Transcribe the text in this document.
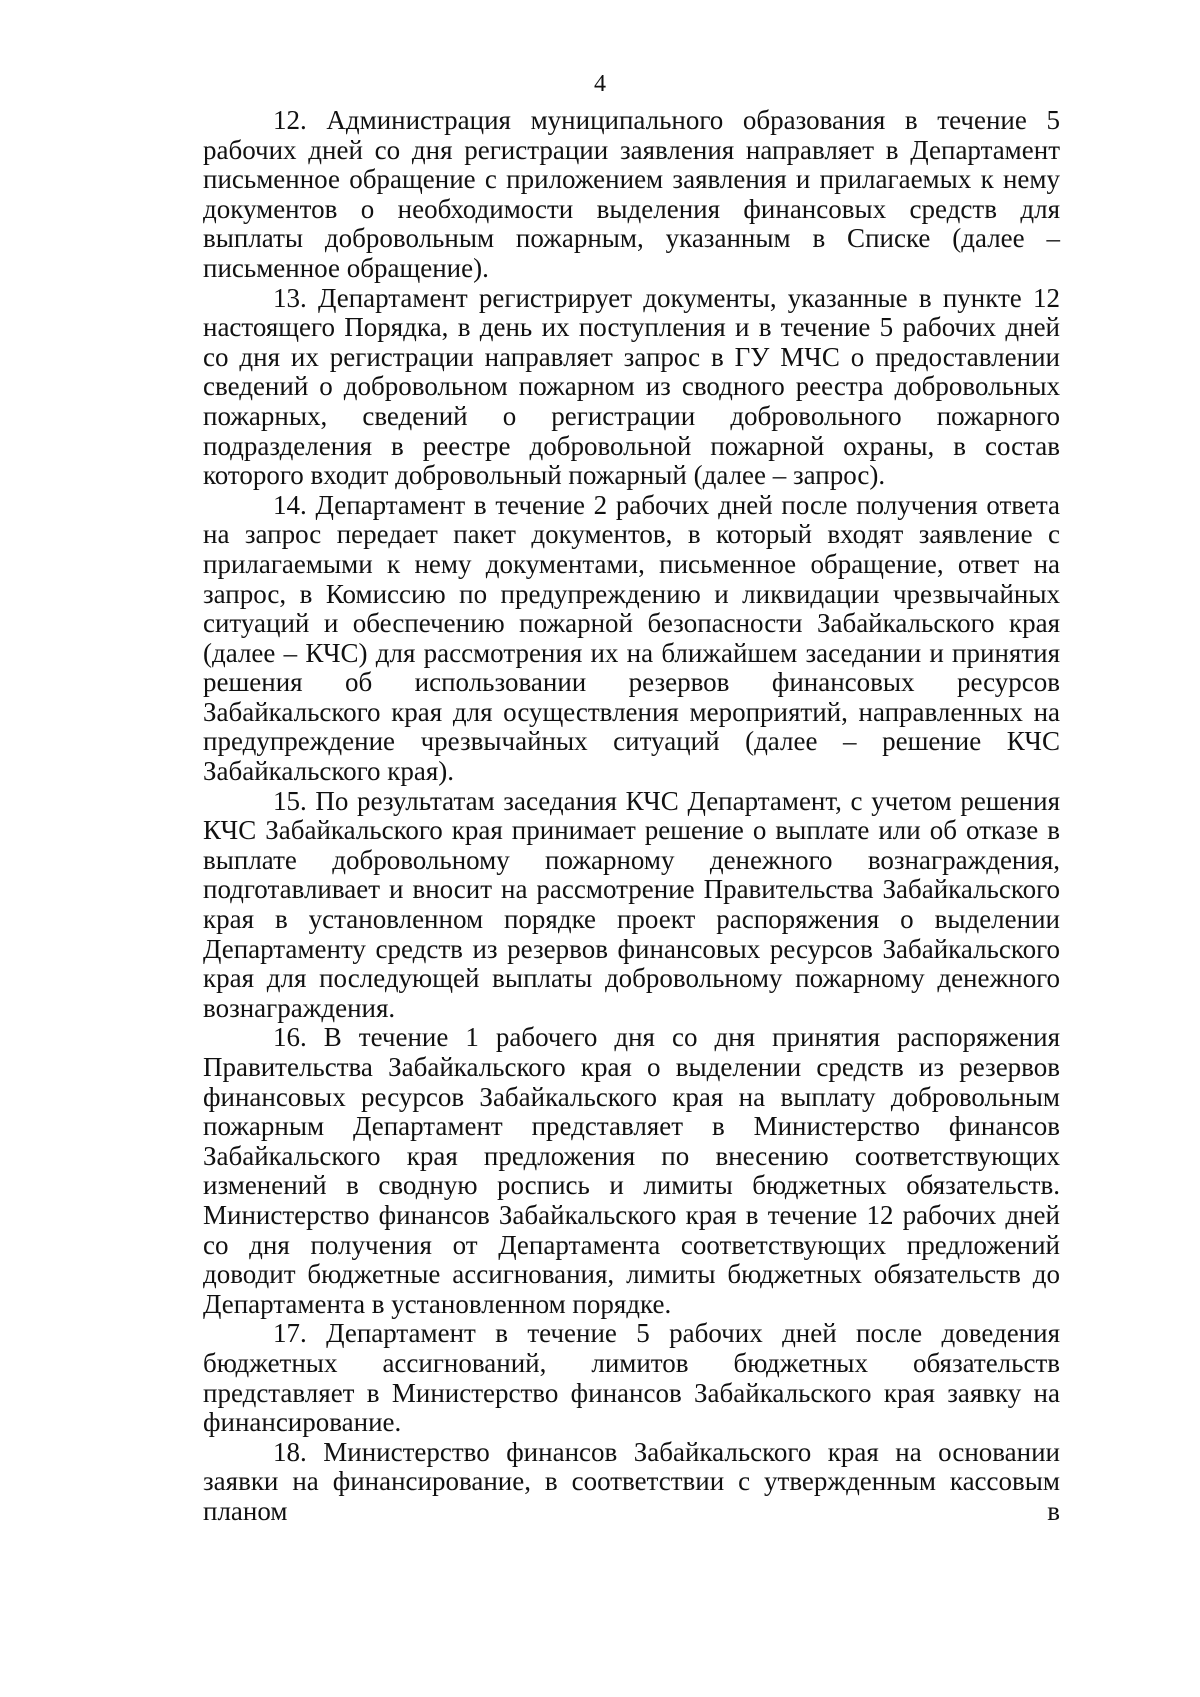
4

12. Администрация муниципального образования в течение 5 рабочих дней со дня регистрации заявления направляет в Департамент письменное обращение с приложением заявления и прилагаемых к нему документов о необходимости выделения финансовых средств для выплаты добровольным пожарным, указанным в Списке (далее – письменное обращение).

13. Департамент регистрирует документы, указанные в пункте 12 настоящего Порядка, в день их поступления и в течение 5 рабочих дней со дня их регистрации направляет запрос в ГУ МЧС о предоставлении сведений о добровольном пожарном из сводного реестра добровольных пожарных, сведений о регистрации добровольного пожарного подразделения в реестре добровольной пожарной охраны, в состав которого входит добровольный пожарный (далее – запрос).

14. Департамент в течение 2 рабочих дней после получения ответа на запрос передает пакет документов, в который входят заявление с прилагаемыми к нему документами, письменное обращение, ответ на запрос, в Комиссию по предупреждению и ликвидации чрезвычайных ситуаций и обеспечению пожарной безопасности Забайкальского края (далее – КЧС) для рассмотрения их на ближайшем заседании и принятия решения об использовании резервов финансовых ресурсов Забайкальского края для осуществления мероприятий, направленных на предупреждение чрезвычайных ситуаций (далее – решение КЧС Забайкальского края).

15. По результатам заседания КЧС Департамент, с учетом решения КЧС Забайкальского края принимает решение о выплате или об отказе в выплате добровольному пожарному денежного вознаграждения, подготавливает и вносит на рассмотрение Правительства Забайкальского края в установленном порядке проект распоряжения о выделении Департаменту средств из резервов финансовых ресурсов Забайкальского края для последующей выплаты добровольному пожарному денежного вознаграждения.

16. В течение 1 рабочего дня со дня принятия распоряжения Правительства Забайкальского края о выделении средств из резервов финансовых ресурсов Забайкальского края на выплату добровольным пожарным Департамент представляет в Министерство финансов Забайкальского края предложения по внесению соответствующих изменений в сводную роспись и лимиты бюджетных обязательств. Министерство финансов Забайкальского края в течение 12 рабочих дней со дня получения от Департамента соответствующих предложений доводит бюджетные ассигнования, лимиты бюджетных обязательств до Департамента в установленном порядке.

17. Департамент в течение 5 рабочих дней после доведения бюджетных ассигнований, лимитов бюджетных обязательств представляет в Министерство финансов Забайкальского края заявку на финансирование.

18. Министерство финансов Забайкальского края на основании заявки на финансирование, в соответствии с утвержденным кассовым планом в
